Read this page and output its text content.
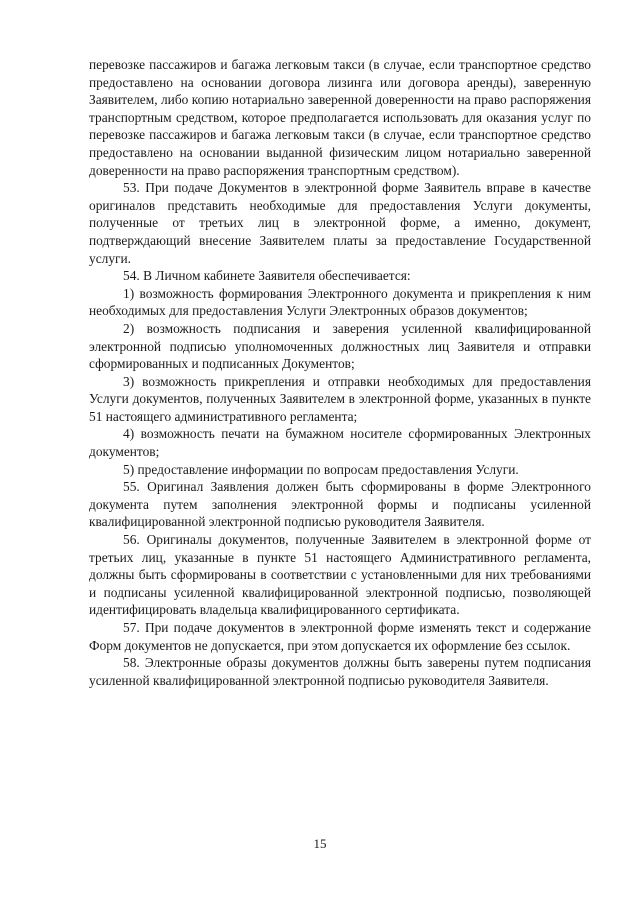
перевозке пассажиров и багажа легковым такси (в случае, если транспортное средство предоставлено на основании договора лизинга или договора аренды), заверенную Заявителем, либо копию нотариально заверенной доверенности на право распоряжения транспортным средством, которое предполагается использовать для оказания услуг по перевозке пассажиров и багажа легковым такси (в случае, если транспортное средство предоставлено на основании выданной физическим лицом нотариально заверенной доверенности на право распоряжения транспортным средством).

53. При подаче Документов в электронной форме Заявитель вправе в качестве оригиналов представить необходимые для предоставления Услуги документы, полученные от третьих лиц в электронной форме, а именно, документ, подтверждающий внесение Заявителем платы за предоставление Государственной услуги.

54. В Личном кабинете Заявителя обеспечивается:

1) возможность формирования Электронного документа и прикрепления к ним необходимых для предоставления Услуги Электронных образов документов;

2) возможность подписания и заверения усиленной квалифицированной электронной подписью уполномоченных должностных лиц Заявителя и отправки сформированных и подписанных Документов;

3) возможность прикрепления и отправки необходимых для предоставления Услуги документов, полученных Заявителем в электронной форме, указанных в пункте 51 настоящего административного регламента;

4) возможность печати на бумажном носителе сформированных Электронных документов;

5) предоставление информации по вопросам предоставления Услуги.

55. Оригинал Заявления должен быть сформированы в форме Электронного документа путем заполнения электронной формы и подписаны усиленной квалифицированной электронной подписью руководителя Заявителя.

56. Оригиналы документов, полученные Заявителем в электронной форме от третьих лиц, указанные в пункте 51 настоящего Административного регламента, должны быть сформированы в соответствии с установленными для них требованиями и подписаны усиленной квалифицированной электронной подписью, позволяющей идентифицировать владельца квалифицированного сертификата.

57. При подаче документов в электронной форме изменять текст и содержание Форм документов не допускается, при этом допускается их оформление без ссылок.

58. Электронные образы документов должны быть заверены путем подписания усиленной квалифицированной электронной подписью руководителя Заявителя.

15
